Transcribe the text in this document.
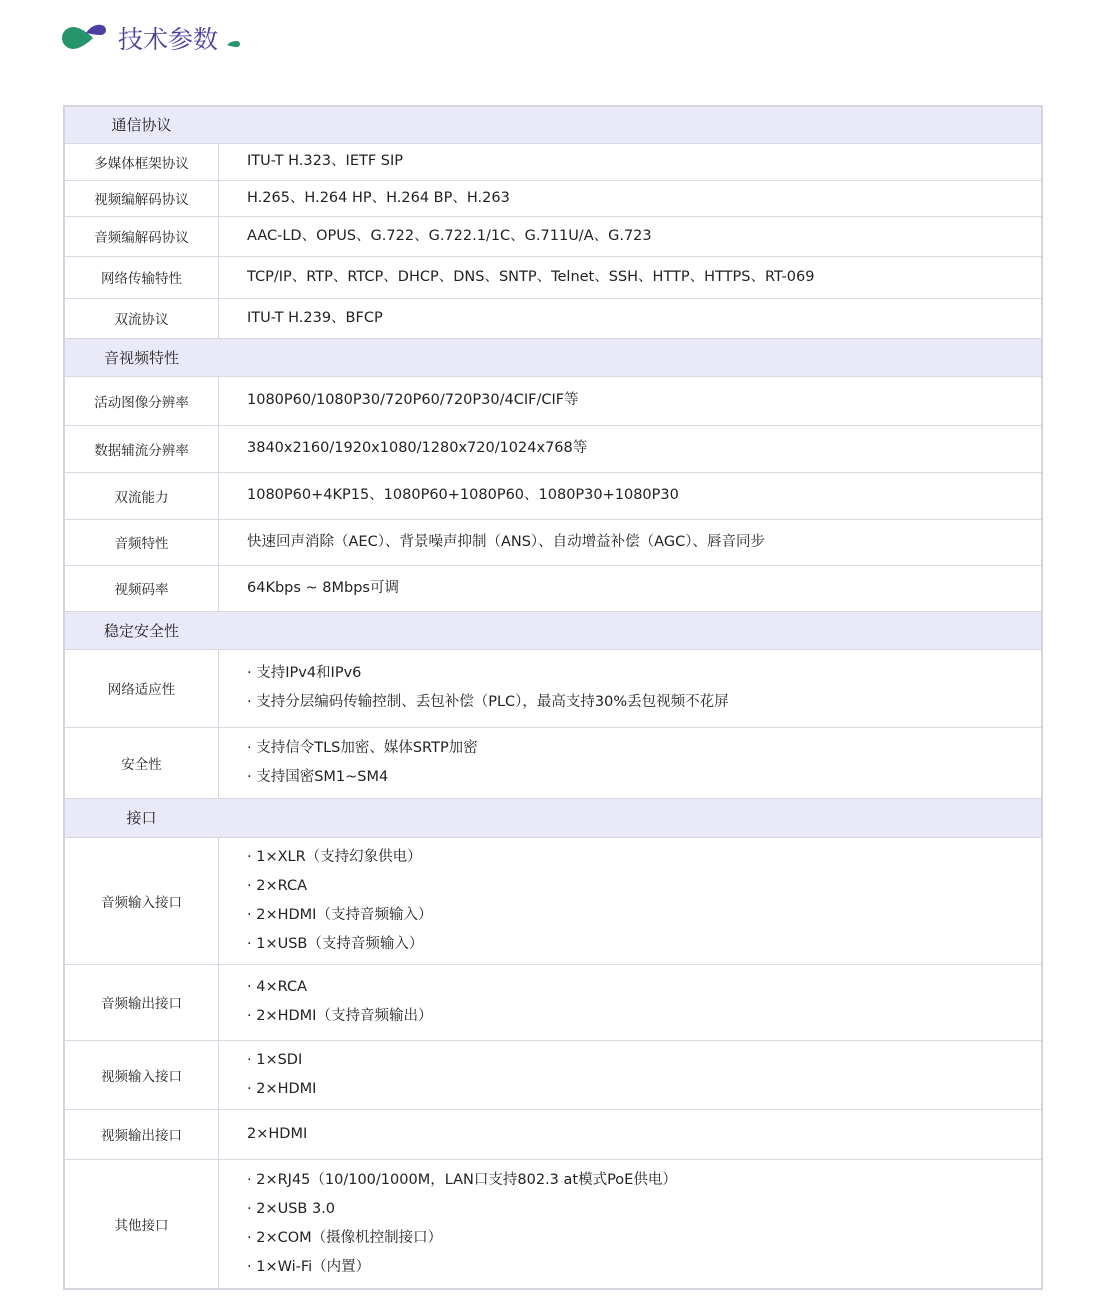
技术参数
通信协议	
多媒体框架协议	ITU-T H.323、IETF SIP

视频编解码协议	H.265、H.264 HP、H.264 BP、H.263

音频编解码协议	AAC-LD、OPUS、G.722、G.722.1/1C、G.711U/A、G.723

网络传输特性	TCP/IP、RTP、RTCP、DHCP、DNS、SNTP、Telnet、SSH、HTTP、HTTPS、RT-069

双流协议	ITU-T H.239、BFCP

音视频特性	
活动图像分辨率	1080P60/1080P30/720P60/720P30/4CIF/CIF等

数据辅流分辨率	3840x2160/1920x1080/1280x720/1024x768等

双流能力	1080P60+4KP15、1080P60+1080P60、1080P30+1080P30

音频特性	快速回声消除（AEC）、背景噪声抑制（ANS）、自动增益补偿（AGC）、唇音同步

视频码率	64Kbps ~ 8Mbps可调

稳定安全性	
网络适应性	· 支持IPv4和IPv6
· 支持分层编码传输控制、丢包补偿（PLC），最高支持30%丢包视频不花屏

安全性	· 支持信令TLS加密、媒体SRTP加密
· 支持国密SM1~SM4

接口	
音频输入接口	· 1×XLR（支持幻象供电）
· 2×RCA
· 2×HDMI（支持音频输入）
· 1×USB（支持音频输入）

音频输出接口	· 4×RCA
· 2×HDMI（支持音频输出）

视频输入接口	· 1×SDI
· 2×HDMI

视频输出接口	2×HDMI

其他接口	· 2×RJ45（10/100/1000M，LAN口支持802.3 at模式PoE供电）
· 2×USB 3.0
· 2×COM（摄像机控制接口）
· 1×Wi-Fi（内置）
